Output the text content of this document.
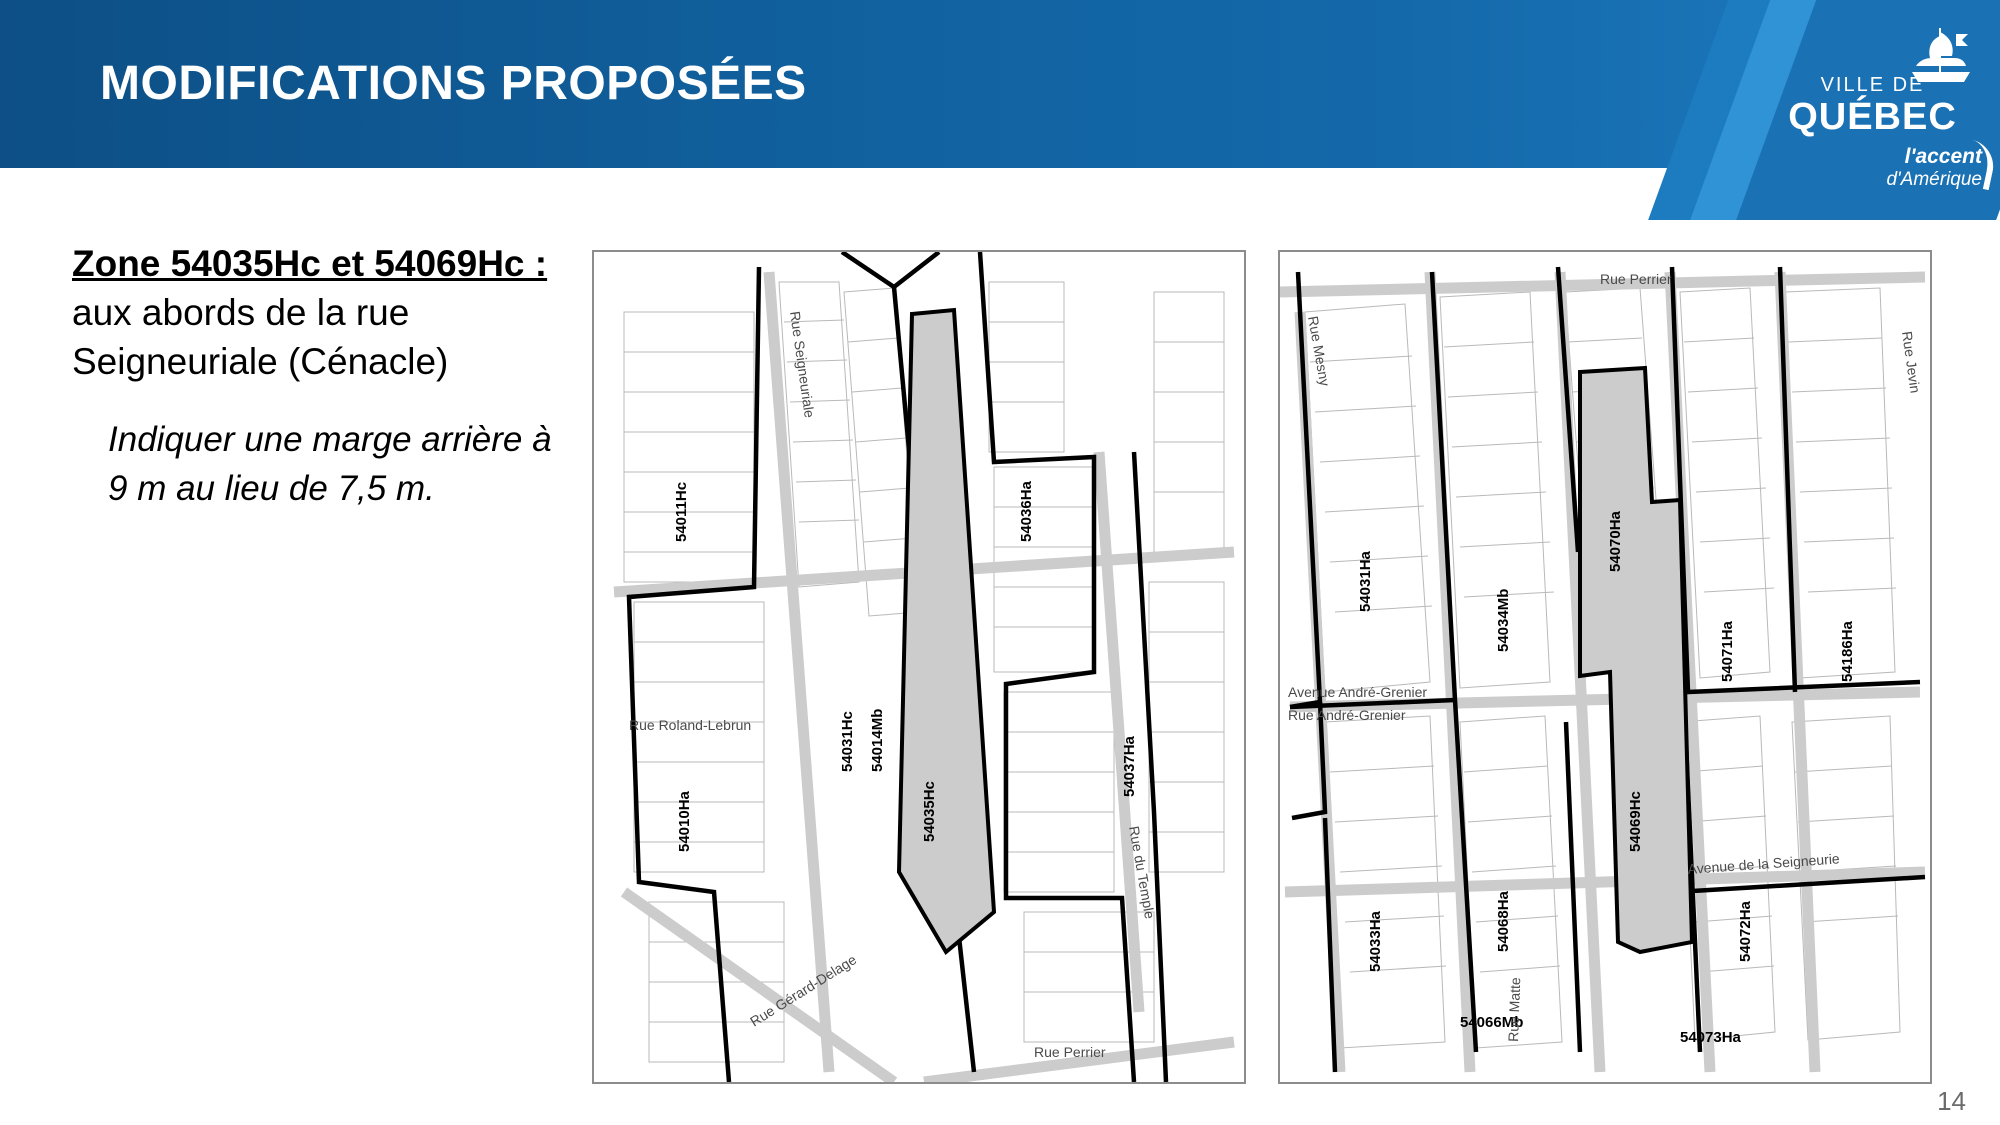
MODIFICATIONS PROPOSÉES	VILLE DE
QUÉBEC
l'accent
d'Amérique

Zone 54035Hc et 54069Hc : aux abords de la rue Seigneuriale (Cénacle)

Indiquer une marge arrière à 9 m au lieu de 7,5 m.	54011Hc	54036Ha
54031Hc 54014Mb
54035Hc
54010Ha
54037Ha
Rue Roland-Lebrun
Rue Gérard-Delage
Rue Perrier
Rue du Temple
Rue Seigneuriale
54031Ha
54034Mb
54070Ha
54071Ha	54186Ha
54069Hc
54068Ha
54033Ha	54072Ha
54066Mb
54073Ha
Rue Perrier
Avenue André-Grenier
Rue André-Grenier
Avenue de la Seigneurie
Rue Matte
Rue Mesny	Rue Jevin
14
